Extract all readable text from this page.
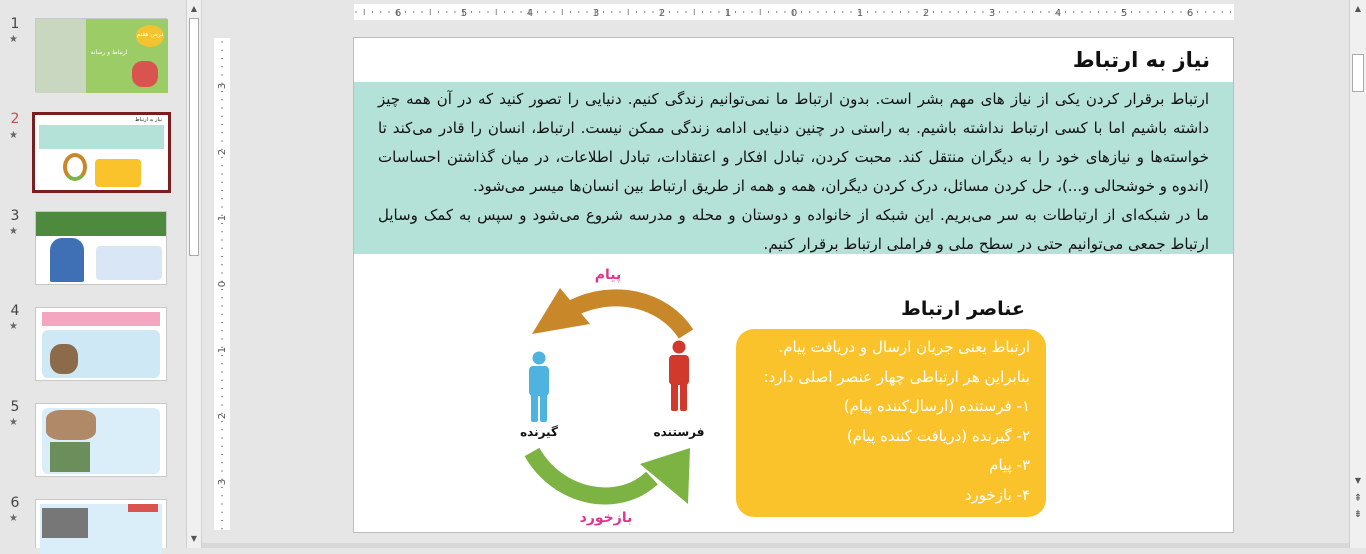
1
★	درس هفتم
ارتباط و رسانه
2
★
نیاز به ارتباط
3
★
4
★
5
★
6
★
▲
▼
6	5	4	3	2	1	0	1	2	3	4	5	6
3
2
1
0
1
2
3
نیاز به ارتباط

ارتباط برقرار کردن یکی از نیاز های مهم بشر است. بدون ارتباط ما نمی‌توانیم زندگی کنیم. دنیایی را تصور کنید که در آن همه چیز داشته باشیم اما با کسی ارتباط نداشته باشیم. به راستی در چنین دنیایی ادامه زندگی ممکن نیست. ارتباط، انسان را قادر می‌کند تا خواسته‌ها و نیازهای خود را به دیگران منتقل کند. محبت کردن، تبادل افکار و اعتقادات، تبادل اطلاعات، در میان گذاشتن احساسات (اندوه و خوشحالی و...)، حل کردن مسائل، درک کردن دیگران، همه و همه از طریق ارتباط بین انسان‌ها میسر می‌شود.

ما در شبکه‌ای از ارتباطات به سر می‌بریم. این شبکه از خانواده و دوستان و محله و مدرسه شروع می‌شود و سپس به کمک وسایل ارتباط جمعی می‌توانیم حتی در سطح ملی و فراملی ارتباط برقرار کنیم.

عناصر ارتباط
ارتباط یعنی جریان ارسال و دریافت پیام.
بنابراین هر ارتباطی چهار عنصر اصلی دارد:
۱- فرستنده (ارسال‌کننده پیام)
۲- گیرنده (دریافت کننده پیام)
۳- پیام
۴- بازخورد
پیام
بازخورد
گیرنده	فرستنده
▲
▼
⇞
⇟
